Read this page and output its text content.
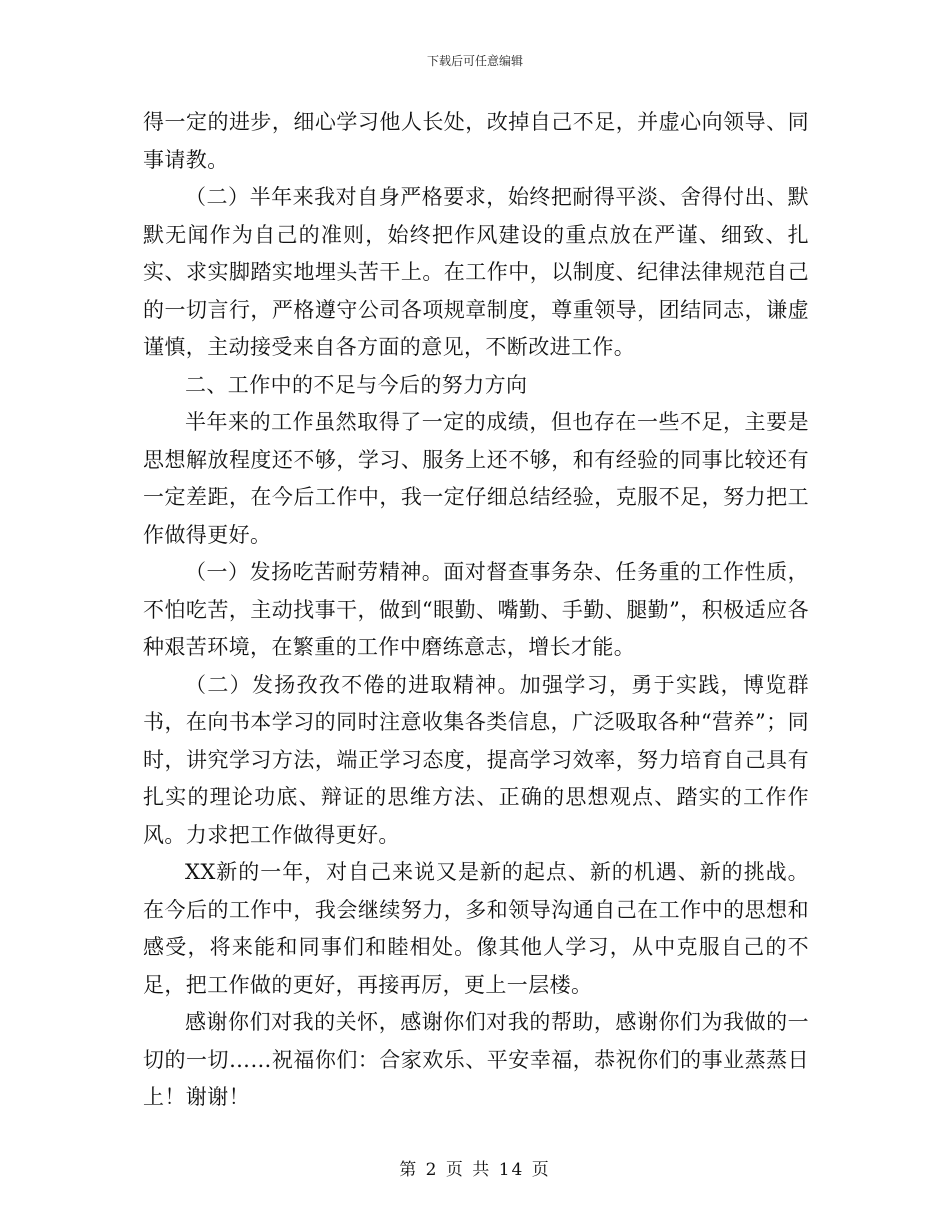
下载后可任意编辑

得一定的进步，细心学习他人长处，改掉自己不足，并虚心向领导、同事请教。

（二）半年来我对自身严格要求，始终把耐得平淡、舍得付出、默默无闻作为自己的准则，始终把作风建设的重点放在严谨、细致、扎实、求实脚踏实地埋头苦干上。在工作中，以制度、纪律法律规范自己的一切言行，严格遵守公司各项规章制度，尊重领导，团结同志，谦虚谨慎，主动接受来自各方面的意见，不断改进工作。

二、工作中的不足与今后的努力方向

半年来的工作虽然取得了一定的成绩，但也存在一些不足，主要是思想解放程度还不够，学习、服务上还不够，和有经验的同事比较还有一定差距，在今后工作中，我一定仔细总结经验，克服不足，努力把工作做得更好。

（一）发扬吃苦耐劳精神。面对督查事务杂、任务重的工作性质，不怕吃苦，主动找事干，做到“眼勤、嘴勤、手勤、腿勤”，积极适应各种艰苦环境，在繁重的工作中磨练意志，增长才能。

（二）发扬孜孜不倦的进取精神。加强学习，勇于实践，博览群书，在向书本学习的同时注意收集各类信息，广泛吸取各种“营养”；同时，讲究学习方法，端正学习态度，提高学习效率，努力培育自己具有扎实的理论功底、辩证的思维方法、正确的思想观点、踏实的工作作风。力求把工作做得更好。

XX新的一年，对自己来说又是新的起点、新的机遇、新的挑战。在今后的工作中，我会继续努力，多和领导沟通自己在工作中的思想和感受，将来能和同事们和睦相处。像其他人学习，从中克服自己的不足，把工作做的更好，再接再厉，更上一层楼。

感谢你们对我的关怀，感谢你们对我的帮助，感谢你们为我做的一切的一切……祝福你们：合家欢乐、平安幸福，恭祝你们的事业蒸蒸日上！谢谢！

第 2 页 共 14 页
